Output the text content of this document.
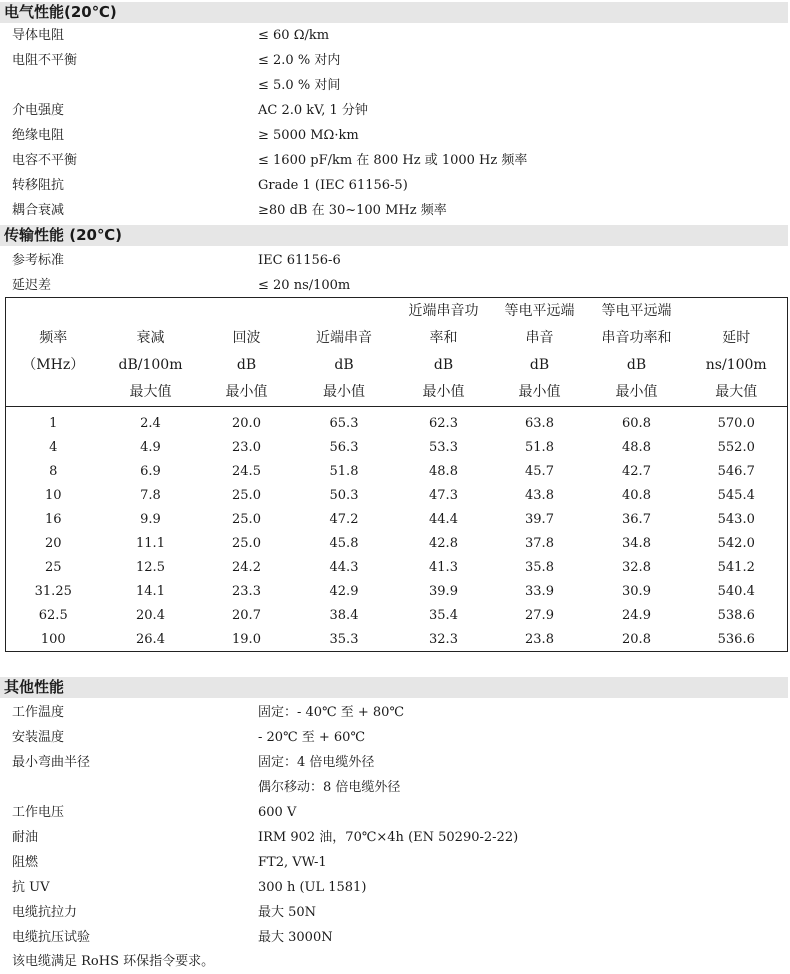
电气性能(20℃)
导体电阻	≤ 60 Ω/km
电阻不平衡	≤ 2.0 % 对内
≤ 5.0 % 对间
介电强度	AC 2.0 kV, 1 分钟
绝缘电阻	≥ 5000 MΩ·km
电容不平衡	≤ 1600 pF/km 在 800 Hz 或 1000 Hz 频率
转移阻抗	Grade 1 (IEC 61156-5)
耦合衰减	≥80 dB 在 30~100 MHz 频率
传输性能 (20℃)
参考标准	IEC 61156-6
延迟差	≤ 20 ns/100m
				近端串音功	等电平远端	等电平远端	
频率	衰减	回波	近端串音	率和	串音	串音功率和	延时
（MHz）	dB/100m	dB	dB	dB	dB	dB	ns/100m
	最大值	最小值	最小值	最小值	最小值	最小值	最大值
1	2.4	20.0	65.3	62.3	63.8	60.8	570.0
4	4.9	23.0	56.3	53.3	51.8	48.8	552.0
8	6.9	24.5	51.8	48.8	45.7	42.7	546.7
10	7.8	25.0	50.3	47.3	43.8	40.8	545.4
16	9.9	25.0	47.2	44.4	39.7	36.7	543.0
20	11.1	25.0	45.8	42.8	37.8	34.8	542.0
25	12.5	24.2	44.3	41.3	35.8	32.8	541.2
31.25	14.1	23.3	42.9	39.9	33.9	30.9	540.4
62.5	20.4	20.7	38.4	35.4	27.9	24.9	538.6
100	26.4	19.0	35.3	32.3	23.8	20.8	536.6
其他性能
工作温度	固定：- 40℃ 至 + 80℃
安装温度	- 20℃ 至 + 60℃
最小弯曲半径	固定：4 倍电缆外径
偶尔移动：8 倍电缆外径
工作电压	600 V
耐油	IRM 902 油，70℃×4h (EN 50290-2-22)
阻燃	FT2, VW-1
抗 UV	300 h (UL 1581)
电缆抗拉力	最大 50N
电缆抗压试验	最大 3000N
该电缆满足 RoHS 环保指令要求。
